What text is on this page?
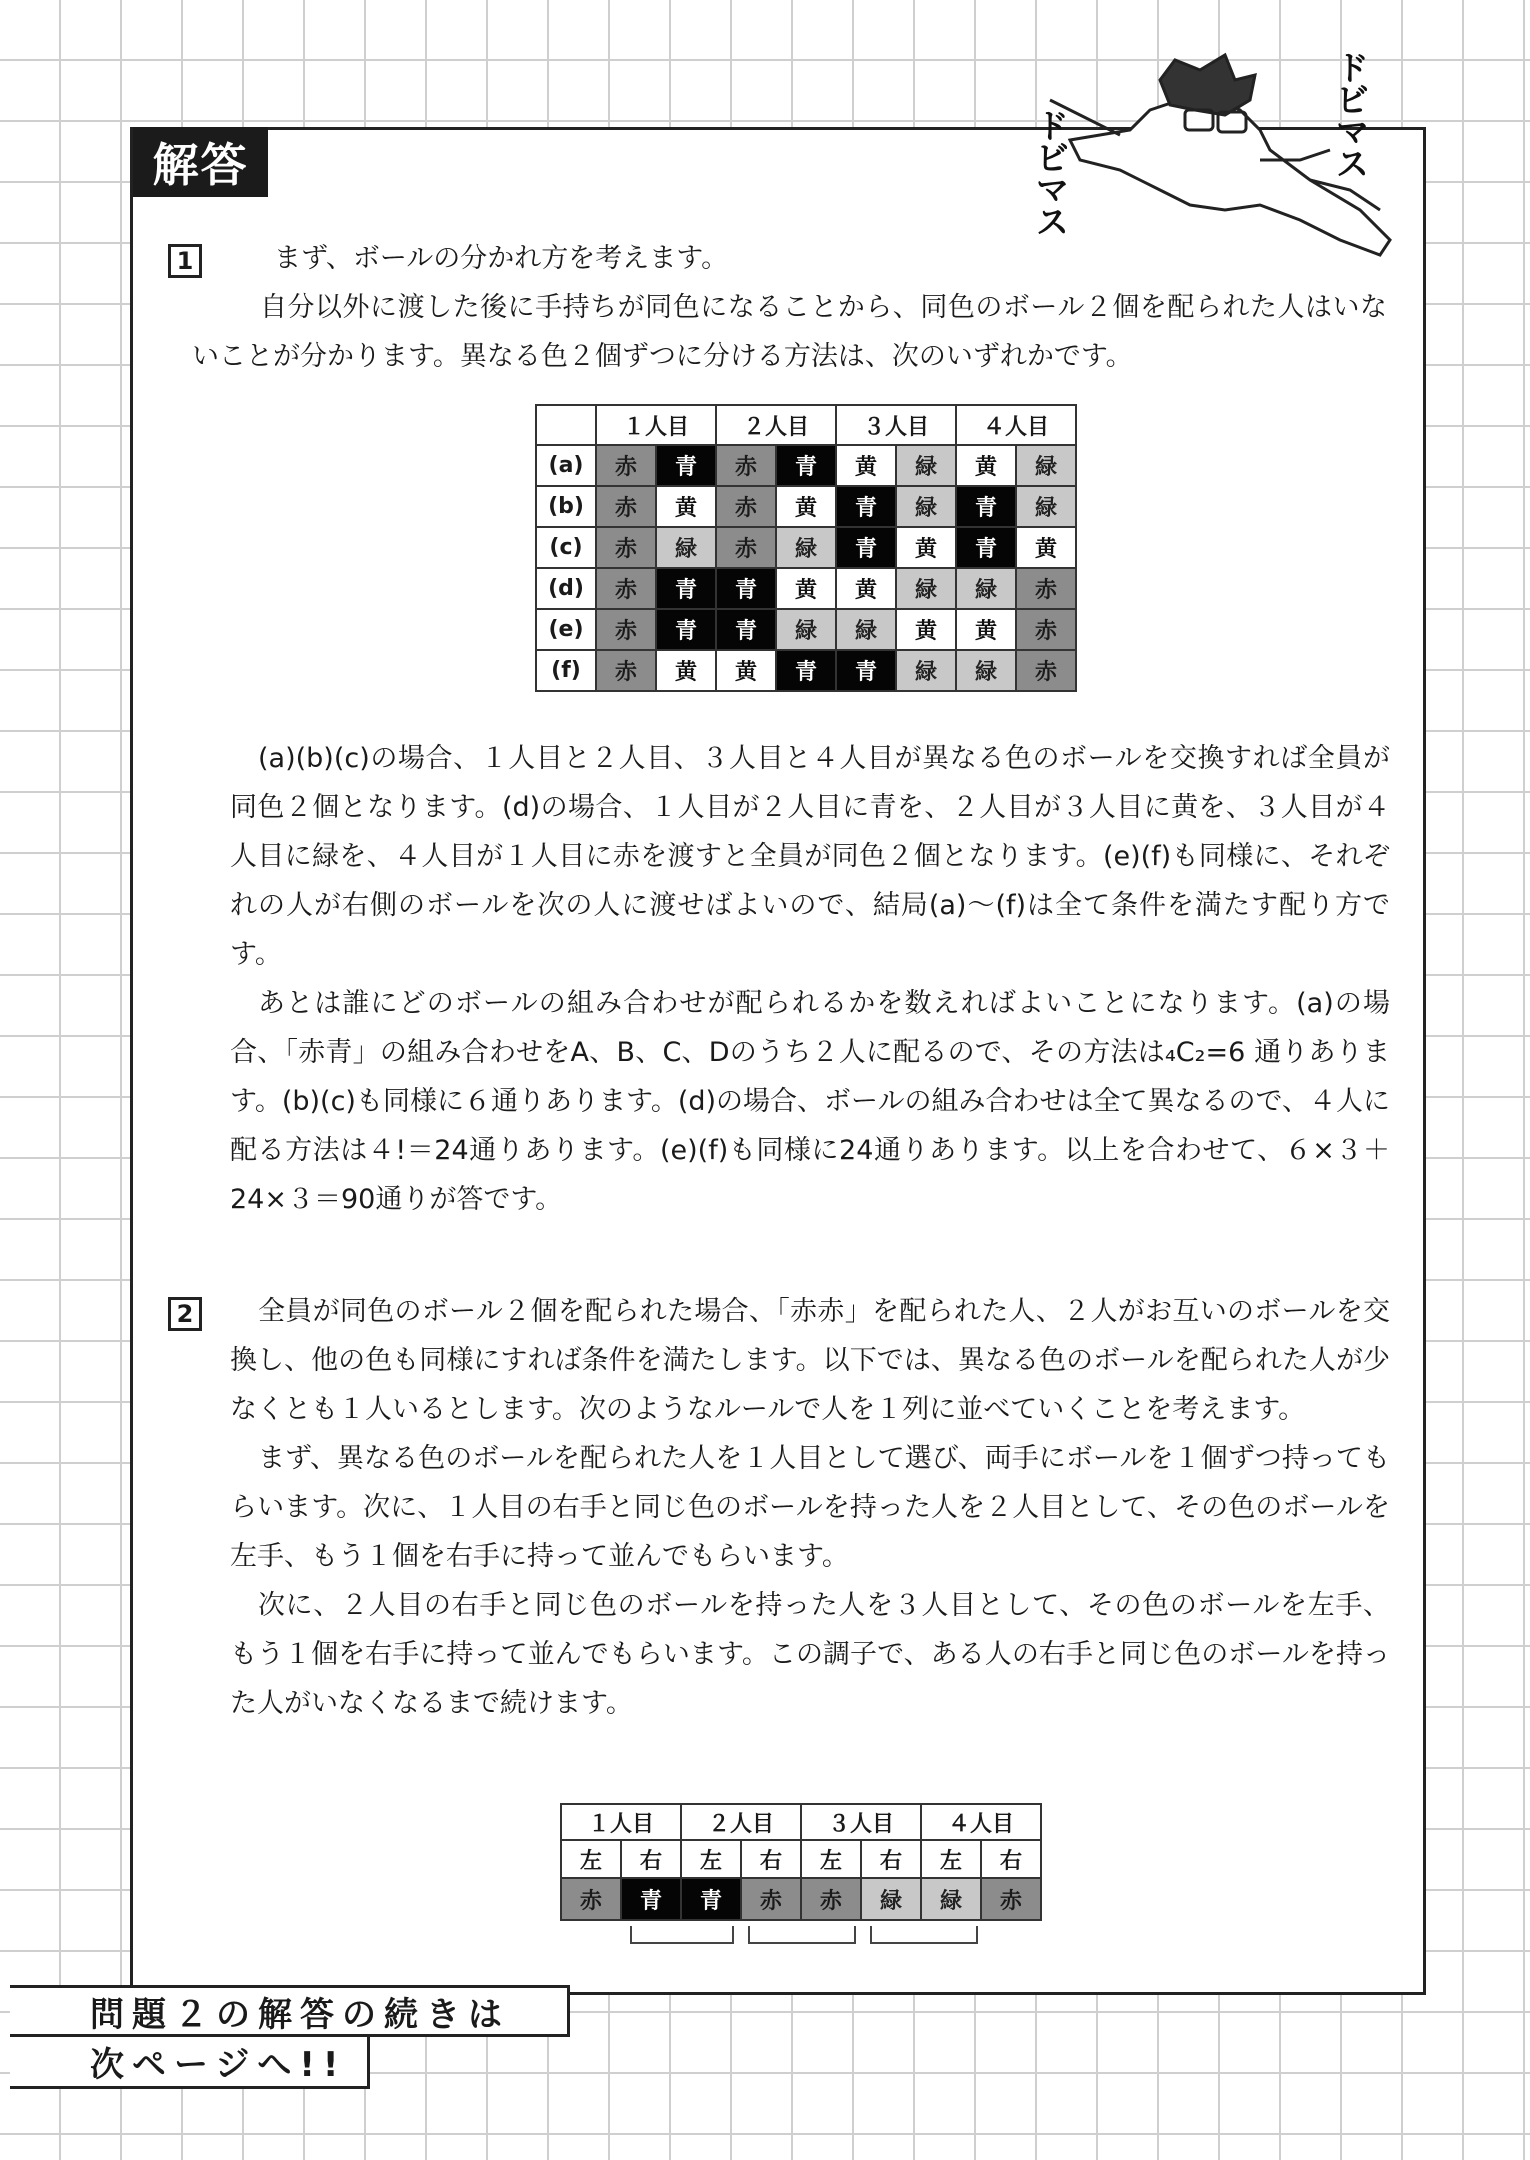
解答	ドビマス
ドビマス
1	まず、ボールの分かれ方を考えます。

自分以外に渡した後に手持ちが同色になることから、同色のボール２個を配られた人はいないことが分かります。異なる色２個ずつに分ける方法は、次のいずれかです。

	１人目		２人目		３人目		４人目	
(a)	赤	青	赤	青	黄	緑	黄	緑
(b)	赤	黄	赤	黄	青	緑	青	緑
(c)	赤	緑	赤	緑	青	黄	青	黄
(d)	赤	青	青	黄	黄	緑	緑	赤
(e)	赤	青	青	緑	緑	黄	黄	赤
(f)	赤	黄	黄	青	青	緑	緑	赤

(a)(b)(c)の場合、１人目と２人目、３人目と４人目が異なる色のボールを交換すれば全員が同色２個となります。(d)の場合、１人目が２人目に青を、２人目が３人目に黄を、３人目が４人目に緑を、４人目が１人目に赤を渡すと全員が同色２個となります。(e)(f)も同様に、それぞれの人が右側のボールを次の人に渡せばよいので、結局(a)～(f)は全て条件を満たす配り方です。

あとは誰にどのボールの組み合わせが配られるかを数えればよいことになります。(a)の場合、「赤青」の組み合わせをA、B、C、Dのうち２人に配るので、その方法は₄C₂=6 通りあります。(b)(c)も同様に６通りあります。(d)の場合、ボールの組み合わせは全て異なるので、４人に配る方法は４!＝24通りあります。(e)(f)も同様に24通りあります。以上を合わせて、６×３＋24×３＝90通りが答です。

2	全員が同色のボール２個を配られた場合、「赤赤」を配られた人、２人がお互いのボールを交換し、他の色も同様にすれば条件を満たします。以下では、異なる色のボールを配られた人が少なくとも１人いるとします。次のようなルールで人を１列に並べていくことを考えます。

まず、異なる色のボールを配られた人を１人目として選び、両手にボールを１個ずつ持ってもらいます。次に、１人目の右手と同じ色のボールを持った人を２人目として、その色のボールを左手、もう１個を右手に持って並んでもらいます。

次に、２人目の右手と同じ色のボールを持った人を３人目として、その色のボールを左手、もう１個を右手に持って並んでもらいます。この調子で、ある人の右手と同じ色のボールを持った人がいなくなるまで続けます。

１人目		２人目		３人目		４人目	
左	右	左	右	左	右	左	右
赤	青	青	赤	赤	緑	緑	赤
問題２の解答の続きは
次ページへ!!
